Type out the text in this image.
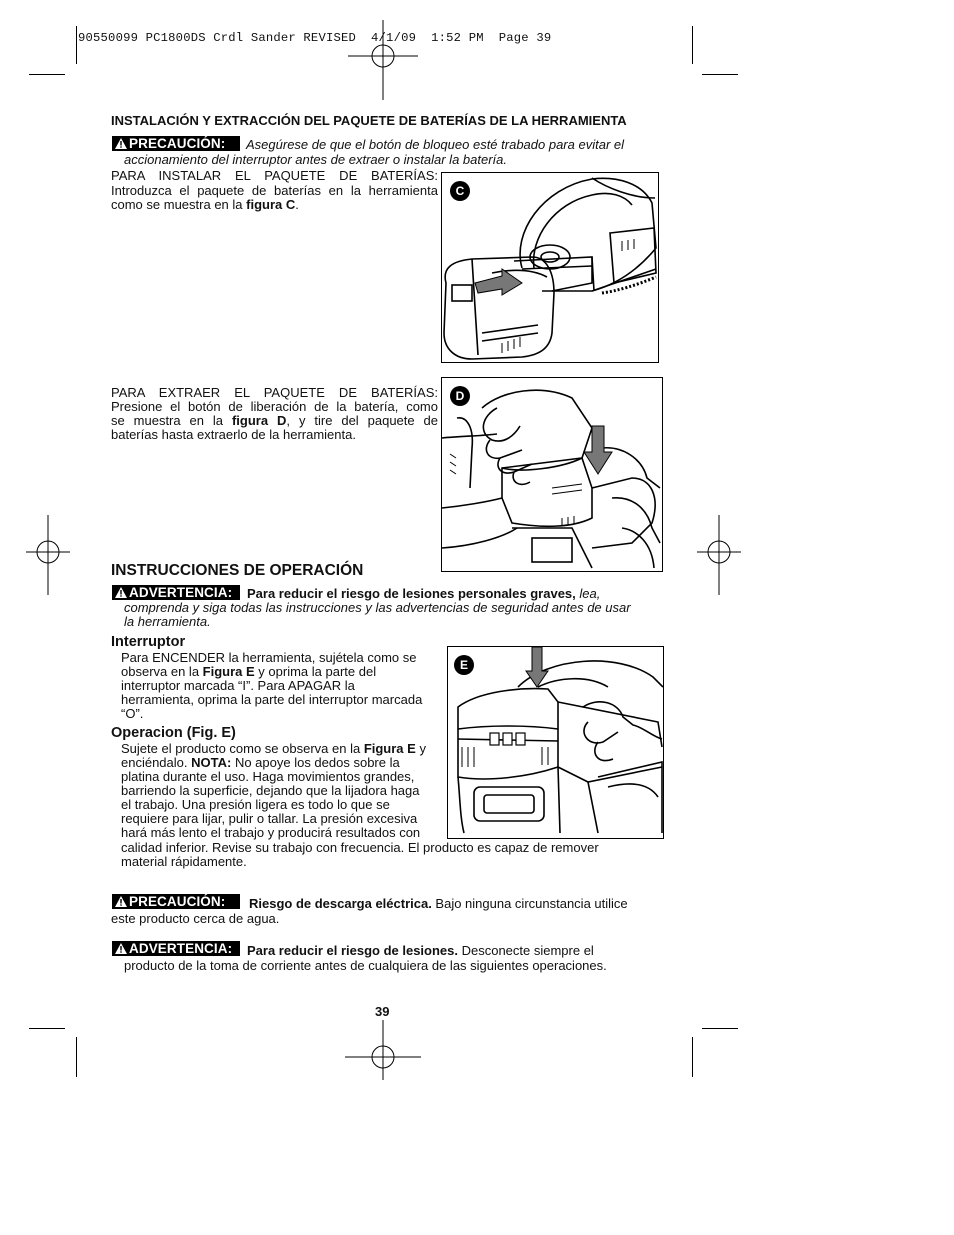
90550099 PC1800DS Crdl Sander REVISED  4/1/09  1:52 PM  Page 39
INSTALACIÓN Y EXTRACCIÓN DEL PAQUETE DE BATERÍAS DE LA HERRAMIENTA
PRECAUCIÓN: Asegúrese de que el botón de bloqueo esté trabado para evitar el
accionamiento del interruptor antes de extraer o instalar la batería.
PARA INSTALAR EL PAQUETE DE BATERÍAS:
Introduzca el paquete de baterías en la herramienta
como se muestra en la figura C.
C
PARA EXTRAER EL PAQUETE DE BATERÍAS:
Presione el botón de liberación de la batería, como
se muestra en la figura D, y tire del paquete de
baterías hasta extraerlo de la herramienta.
D
INSTRUCCIONES DE OPERACIÓN
ADVERTENCIA: Para reducir el riesgo de lesiones personales graves, lea,
comprenda y siga todas las instrucciones y las advertencias de seguridad antes de usar
la herramienta.
Interruptor
Para ENCENDER la herramienta, sujétela como se
observa en la Figura E y oprima la parte del
interruptor marcada “I”. Para APAGAR la
herramienta, oprima la parte del interruptor marcada
“O”.
Operacion (Fig. E)
Sujete el producto como se observa en la Figura E y
enciéndalo. NOTA: No apoye los dedos sobre la
platina durante el uso. Haga movimientos grandes,
barriendo la superficie, dejando que la lijadora haga
el trabajo. Una presión ligera es todo lo que se
requiere para lijar, pulir o tallar. La presión excesiva
hará más lento el trabajo y producirá resultados con
calidad inferior. Revise su trabajo con frecuencia. El producto es capaz de remover
material rápidamente.
E
PRECAUCIÓN: Riesgo de descarga eléctrica. Bajo ninguna circunstancia utilice
este producto cerca de agua.
ADVERTENCIA: Para reducir el riesgo de lesiones. Desconecte siempre el
producto de la toma de corriente antes de cualquiera de las siguientes operaciones.
39
